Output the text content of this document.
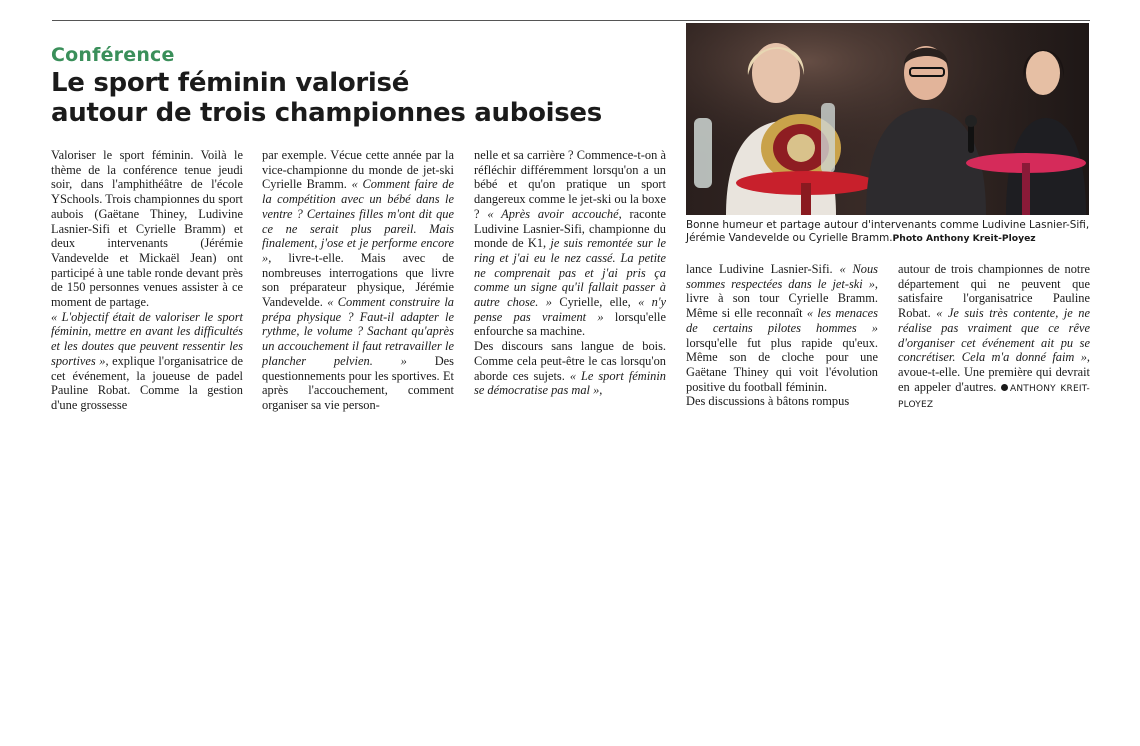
Conférence
Le sport féminin valorisé
autour de trois championnes auboises

Valoriser le sport féminin. Voilà le thème de la conférence tenue jeudi soir, dans l'amphithéâtre de l'école YSchools. Trois championnes du sport aubois (Gaëtane Thiney, Ludivine Lasnier-Sifi et Cyrielle Bramm) et deux intervenants (Jérémie Vandevelde et Mickaël Jean) ont participé à une table ronde devant près de 150 personnes venues assister à ce moment de partage.

« L'objectif était de valoriser le sport féminin, mettre en avant les difficultés et les doutes que peuvent ressentir les sportives », explique l'organisatrice de cet événement, la joueuse de padel Pauline Robat. Comme la gestion d'une grossesse

par exemple. Vécue cette année par la vice-championne du monde de jet-ski Cyrielle Bramm. « Comment faire de la compétition avec un bébé dans le ventre ? Certaines filles m'ont dit que ce ne serait plus pareil. Mais finalement, j'ose et je performe encore », livre-t-elle. Mais avec de nombreuses interrogations que livre son préparateur physique, Jérémie Vandevelde. « Comment construire la prépa physique ? Faut-il adapter le rythme, le volume ? Sachant qu'après un accouchement il faut retravailler le plancher pelvien. » Des questionnements pour les sportives. Et après l'accouchement, comment organiser sa vie person-

nelle et sa carrière ? Commence-t-on à réfléchir différemment lorsqu'on a un bébé et qu'on pratique un sport dangereux comme le jet-ski ou la boxe ? « Après avoir accouché, raconte Ludivine Lasnier-Sifi, championne du monde de K1, je suis remontée sur le ring et j'ai eu le nez cassé. La petite ne comprenait pas et j'ai pris ça comme un signe qu'il fallait passer à autre chose. » Cyrielle, elle, « n'y pense pas vraiment » lorsqu'elle enfourche sa machine.

Des discours sans langue de bois. Comme cela peut-être le cas lorsqu'on aborde ces sujets. « Le sport féminin se démocratise pas mal »,

Bonne humeur et partage autour d'intervenants comme Ludivine Lasnier-Sifi, Jérémie Vandevelde ou Cyrielle Bramm.Photo Anthony Kreit-Ployez

lance Ludivine Lasnier-Sifi. « Nous sommes respectées dans le jet-ski », livre à son tour Cyrielle Bramm. Même si elle reconnaît « les menaces de certains pilotes hommes » lorsqu'elle fut plus rapide qu'eux. Même son de cloche pour une Gaëtane Thiney qui voit l'évolution positive du football féminin.

Des discussions à bâtons rompus

autour de trois championnes de notre département qui ne peuvent que satisfaire l'organisatrice Pauline Robat. « Je suis très contente, je ne réalise pas vraiment que ce rêve d'organiser cet événement ait pu se concrétiser. Cela m'a donné faim », avoue-t-elle. Une première qui devrait en appeler d'autres. ANTHONY KREIT-PLOYEZ
